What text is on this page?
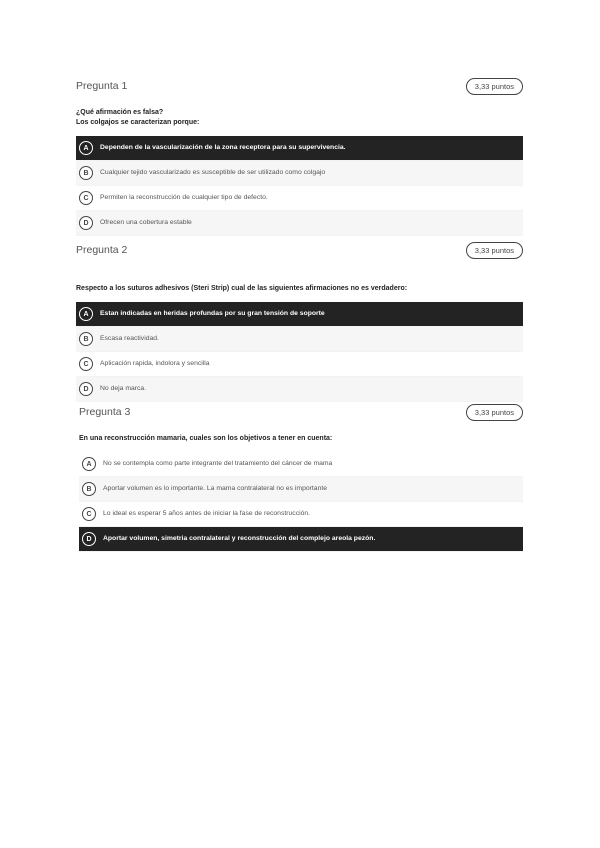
Pregunta 1	3,33 puntos
¿Qué afirmación es falsa?
Los colgajos se caracterizan porque:
A	Dependen de la vascularización de la zona receptora para su supervivencia.
B	Cualquier tejido vascularizado es susceptible de ser utilizado como colgajo
C	Permiten la reconstrucción de cualquier tipo de defecto.
D	Ofrecen una cobertura estable
Pregunta 2	3,33 puntos
Respecto a los suturos adhesivos (Steri Strip) cual de las siguientes afirmaciones no es verdadero:
A	Estan indicadas en heridas profundas por su gran tensión de soporte
B	Escasa reactividad.
C	Aplicación rapida, indolora y sencilla
D	No deja marca.
Pregunta 3	3,33 puntos
En una reconstrucción mamaria, cuales son los objetivos a tener en cuenta:
A	No se contempla como parte integrante del tratamiento del cáncer de mama
B	Aportar volumen es lo importante. La mama contralateral no es importante
C	Lo ideal es esperar 5 años antes de iniciar la fase de reconstrucción.
D	Aportar volumen, simetria contralateral y reconstrucción del complejo areola pezón.
